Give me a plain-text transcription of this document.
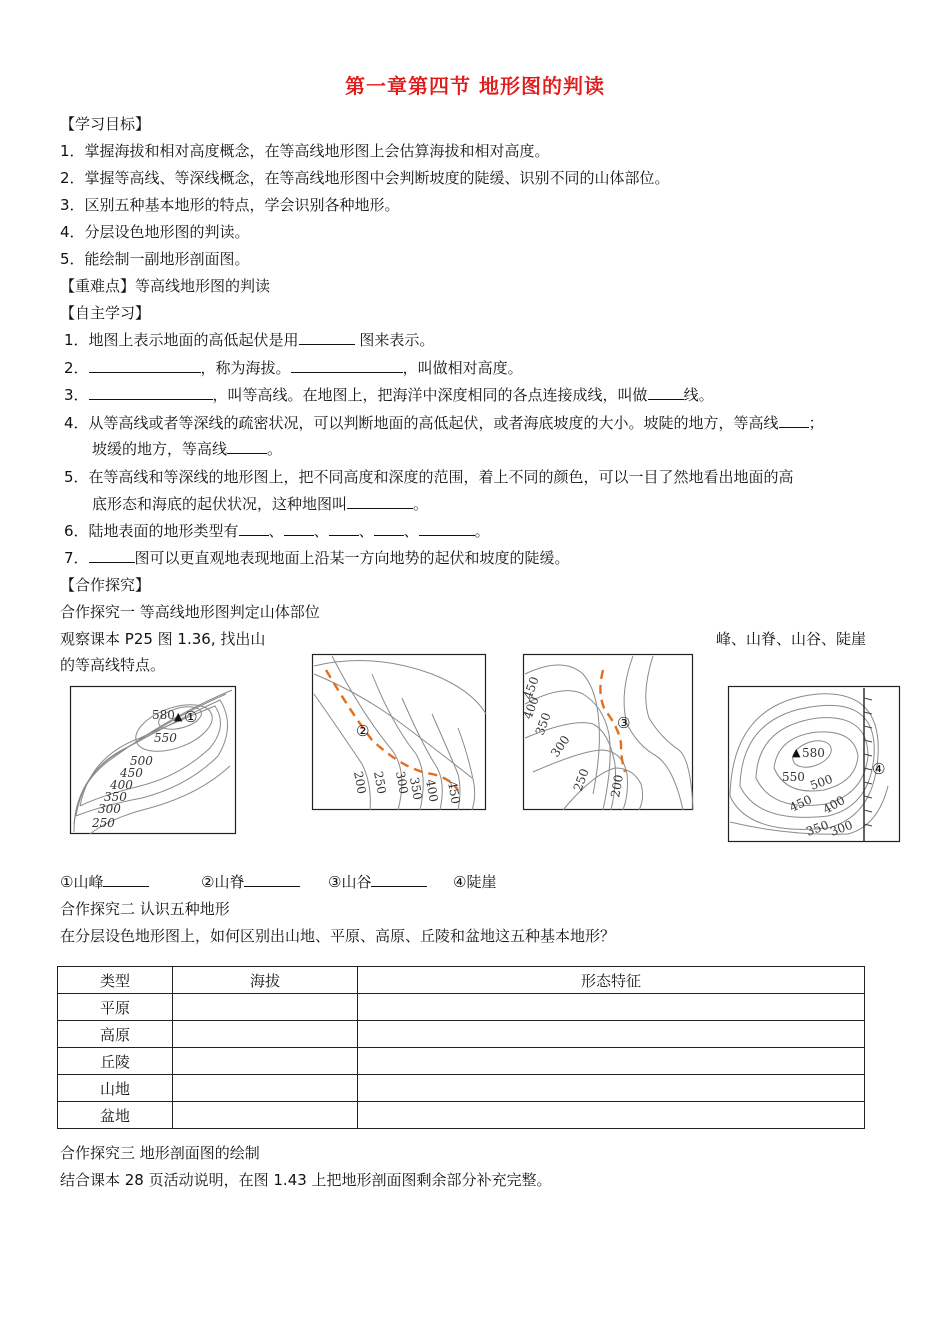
第一章第四节 地形图的判读
【学习目标】
1．掌握海拔和相对高度概念，在等高线地形图上会估算海拔和相对高度。
2．掌握等高线、等深线概念，在等高线地形图中会判断坡度的陡缓、识别不同的山体部位。
3．区别五种基本地形的特点，学会识别各种地形。
4．分层设色地形图的判读。
5．能绘制一副地形剖面图。
【重难点】等高线地形图的判读
【自主学习】
1．地图上表示地面的高低起伏是用	图来表示。
2．	，称为海拔。	，叫做相对高度。
3．	，叫等高线。在地图上，把海洋中深度相同的各点连接成线，叫做 线。
4．从等高线或者等深线的疏密状况，可以判断地面的高低起伏，或者海底坡度的大小。坡陡的地方，等高线 ；
坡缓的地方，等高线	。
5．在等高线和等深线的地形图上，把不同高度和深度的范围，着上不同的颜色，可以一目了然地看出地面的高
底形态和海底的起伏状况，这种地图叫	。
6．陆地表面的地形类型有 、 、 、 、	。
7．	图可以更直观地表现地面上沿某一方向地势的起伏和坡度的陡缓。
【合作探究】
合作探究一 等高线地形图判定山体部位
观察课本 P25 图 1.36, 找出山	峰、山脊、山谷、陡崖
的等高线特点。
580 ▲ ①
550
500
450
400
350
300
250
②
200 250 300
350
400 450
③
450
400
350
300
250 200
▲ 580
④
550 500
450 400
350
300
①山峰	②山脊	③山谷	④陡崖
合作探究二 认识五种地形
在分层设色地形图上，如何区别出山地、平原、高原、丘陵和盆地这五种基本地形？
类型	海拔	形态特征
平原		
高原		
丘陵		
山地		
盆地		
合作探究三 地形剖面图的绘制
结合课本 28 页活动说明，在图 1.43 上把地形剖面图剩余部分补充完整。
